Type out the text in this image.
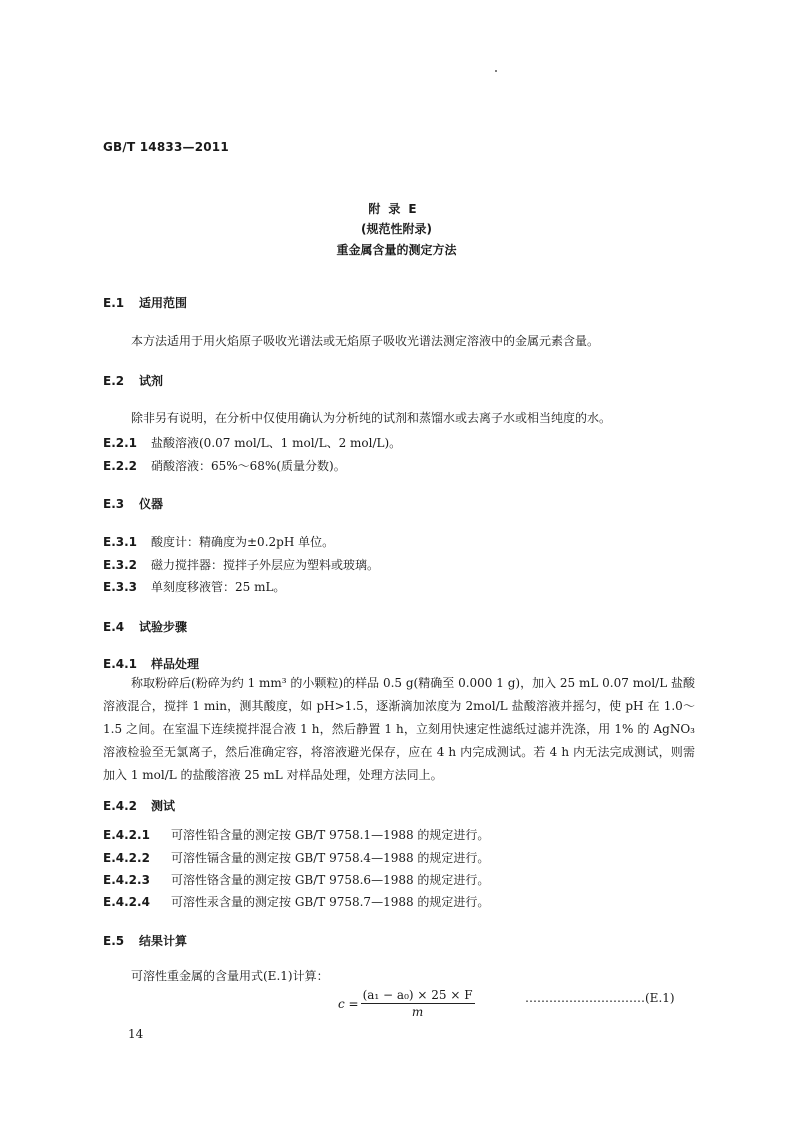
GB/T 14833—2011
附录E
(规范性附录)
重金属含量的测定方法
E.1 适用范围
本方法适用于用火焰原子吸收光谱法或无焰原子吸收光谱法测定溶液中的金属元素含量。
E.2 试剂
除非另有说明，在分析中仅使用确认为分析纯的试剂和蒸馏水或去离子水或相当纯度的水。
E.2.1 盐酸溶液(0.07 mol/L、1 mol/L、2 mol/L)。
E.2.2 硝酸溶液：65%～68%(质量分数)。
E.3 仪器
E.3.1 酸度计：精确度为±0.2pH 单位。
E.3.2 磁力搅拌器：搅拌子外层应为塑料或玻璃。
E.3.3 单刻度移液管：25 mL。
E.4 试验步骤
E.4.1 样品处理
称取粉碎后(粉碎为约 1 mm³ 的小颗粒)的样品 0.5 g(精确至 0.000 1 g)，加入 25 mL 0.07 mol/L 盐酸溶液混合，搅拌 1 min，测其酸度，如 pH>1.5，逐渐滴加浓度为 2mol/L 盐酸溶液并摇匀，使 pH 在 1.0～1.5 之间。在室温下连续搅拌混合液 1 h，然后静置 1 h，立刻用快速定性滤纸过滤并洗涤，用 1% 的 AgNO₃ 溶液检验至无氯离子，然后准确定容，将溶液避光保存，应在 4 h 内完成测试。若 4 h 内无法完成测试，则需加入 1 mol/L 的盐酸溶液 25 mL 对样品处理，处理方法同上。
E.4.2 测试
E.4.2.1 可溶性铅含量的测定按 GB/T 9758.1—1988 的规定进行。
E.4.2.2 可溶性镉含量的测定按 GB/T 9758.4—1988 的规定进行。
E.4.2.3 可溶性铬含量的测定按 GB/T 9758.6—1988 的规定进行。
E.4.2.4 可溶性汞含量的测定按 GB/T 9758.7—1988 的规定进行。
E.5 结果计算
可溶性重金属的含量用式(E.1)计算：
$c = \frac{\text{(a₁ − a₀) × 25 × F}}{m}$	…………………………(E.1)
14
